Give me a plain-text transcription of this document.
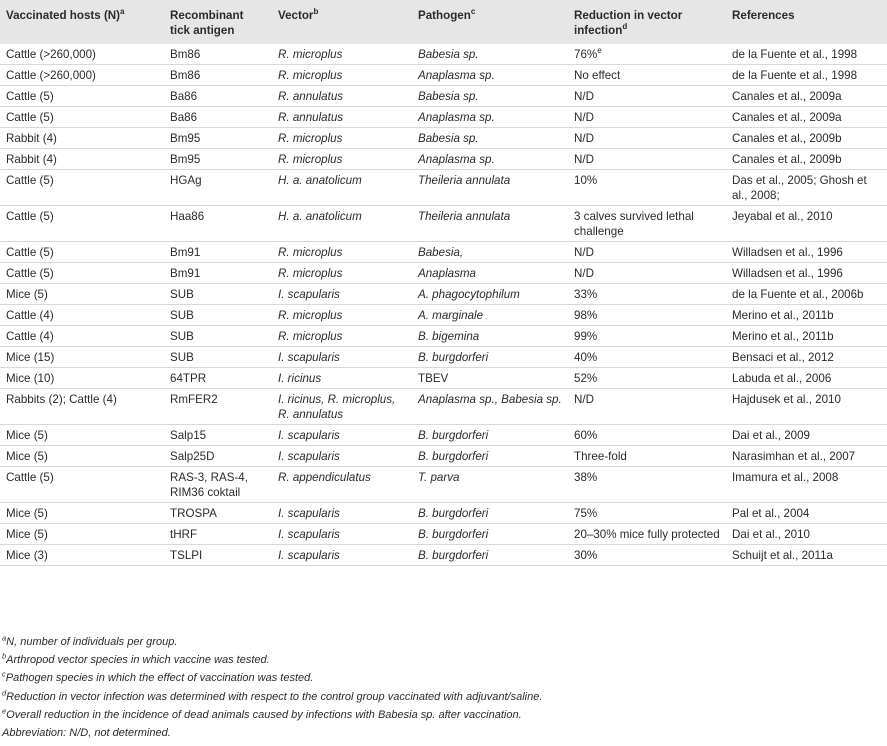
Vaccinated hosts $(N)^a$	Recombinant tick antigen	Vector$^b$	Pathogen$^c$	Reduction in vector infection$^d$	References
Cattle (>260,000)	Bm86	R. microplus	Babesia sp.	76%$^e$	de la Fuente et al., 1998
Cattle (>260,000)	Bm86	R. microplus	Anaplasma sp.	No effect	de la Fuente et al., 1998
Cattle (5)	Ba86	R. annulatus	Babesia sp.	N/D	Canales et al., 2009a
Cattle (5)	Ba86	R. annulatus	Anaplasma sp.	N/D	Canales et al., 2009a
Rabbit (4)	Bm95	R. microplus	Babesia sp.	N/D	Canales et al., 2009b
Rabbit (4)	Bm95	R. microplus	Anaplasma sp.	N/D	Canales et al., 2009b
Cattle (5)	HGAg	H. a. anatolicum	Theileria annulata	10%	Das et al., 2005; Ghosh et al., 2008;
Cattle (5)	Haa86	H. a. anatolicum	Theileria annulata	3 calves survived lethal challenge	Jeyabal et al., 2010
Cattle (5)	Bm91	R. microplus	Babesia,	N/D	Willadsen et al., 1996
Cattle (5)	Bm91	R. microplus	Anaplasma	N/D	Willadsen et al., 1996
Mice (5)	SUB	I. scapularis	A. phagocytophilum	33%	de la Fuente et al., 2006b
Cattle (4)	SUB	R. microplus	A. marginale	98%	Merino et al., 2011b
Cattle (4)	SUB	R. microplus	B. bigemina	99%	Merino et al., 2011b
Mice (15)	SUB	I. scapularis	B. burgdorferi	40%	Bensaci et al., 2012
Mice (10)	64TPR	I. ricinus	TBEV	52%	Labuda et al., 2006
Rabbits (2); Cattle (4)	RmFER2	I. ricinus, R. microplus, R. annulatus	Anaplasma sp., Babesia sp.	N/D	Hajdusek et al., 2010
Mice (5)	Salp15	I. scapularis	B. burgdorferi	60%	Dai et al., 2009
Mice (5)	Salp25D	I. scapularis	B. burgdorferi	Three-fold	Narasimhan et al., 2007
Cattle (5)	RAS-3, RAS-4, RIM36 coktail	R. appendiculatus	T. parva	38%	Imamura et al., 2008
Mice (5)	TROSPA	I. scapularis	B. burgdorferi	75%	Pal et al., 2004
Mice (5)	tHRF	I. scapularis	B. burgdorferi	20–30% mice fully protected	Dai et al., 2010
Mice (3)	TSLPI	I. scapularis	B. burgdorferi	30%	Schuijt et al., 2011a
$^a$N, number of individuals per group.
$^b$Arthropod vector species in which vaccine was tested.
$^c$Pathogen species in which the effect of vaccination was tested.
$^d$Reduction in vector infection was determined with respect to the control group vaccinated with adjuvant/saline.
$^e$Overall reduction in the incidence of dead animals caused by infections with Babesia sp. after vaccination.
Abbreviation: N/D, not determined.
